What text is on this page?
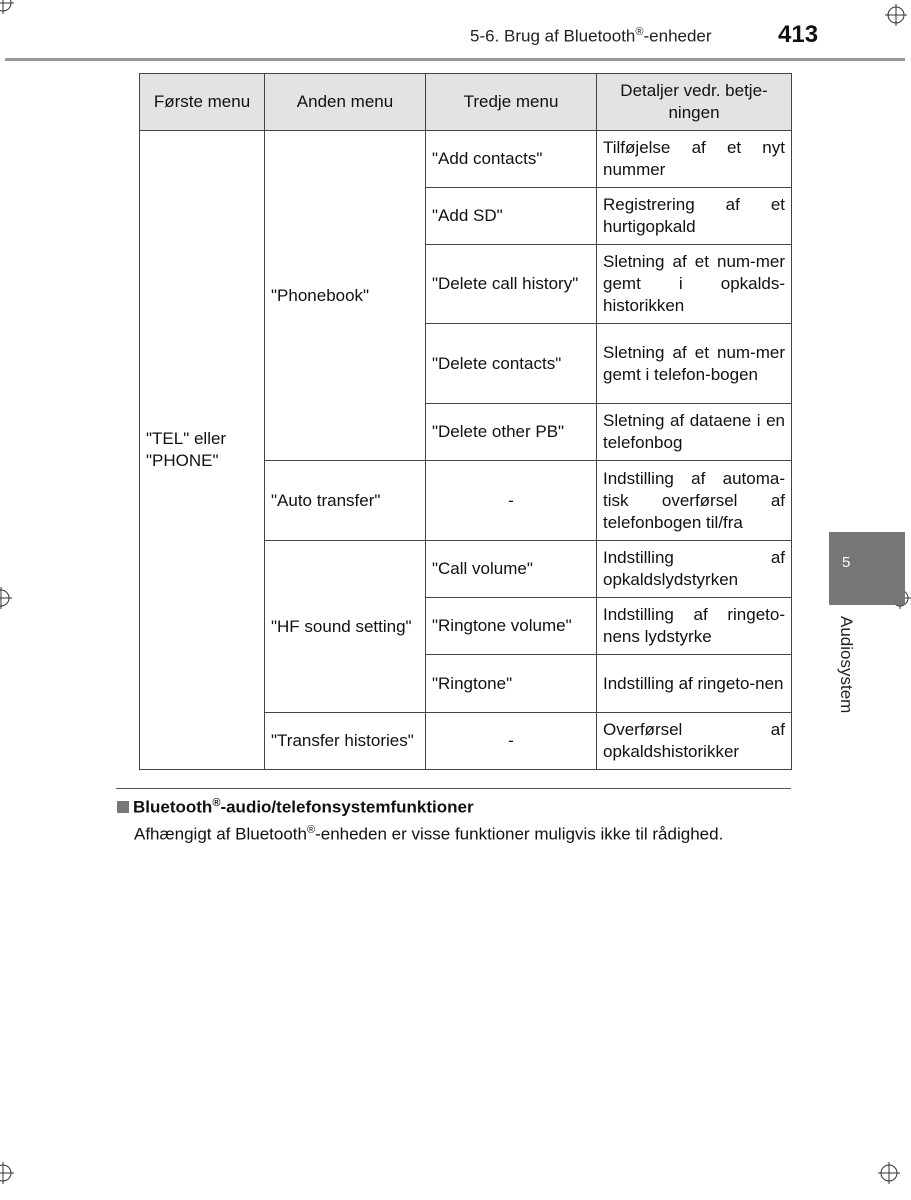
5-6. Brug af Bluetooth®-enheder	413
Første menu	Anden menu	Tredje menu	Detaljer vedr. betje-ningen
"TEL" eller "PHONE"	"Phonebook"	"Add contacts"	Tilføjelse af et nyt nummer
		"Add SD"	Registrering af et hurtigopkald
		"Delete call history"	Sletning af et num-mer gemt i opkalds-historikken
		"Delete contacts"	Sletning af et num-mer gemt i telefon-bogen
		"Delete other PB"	Sletning af dataene i en telefonbog
	"Auto transfer"	-	Indstilling af automa-tisk overførsel af telefonbogen til/fra
	"HF sound setting"	"Call volume"	Indstilling af opkaldslydstyrken
		"Ringtone volume"	Indstilling af ringeto-nens lydstyrke
		"Ringtone"	Indstilling af ringeto-nen
	"Transfer histories"	-	Overførsel af opkaldshistorikker
Bluetooth®-audio/telefonsystemfunktioner
Afhængigt af Bluetooth®-enheden er visse funktioner muligvis ikke til rådighed.
5
Audiosystem
